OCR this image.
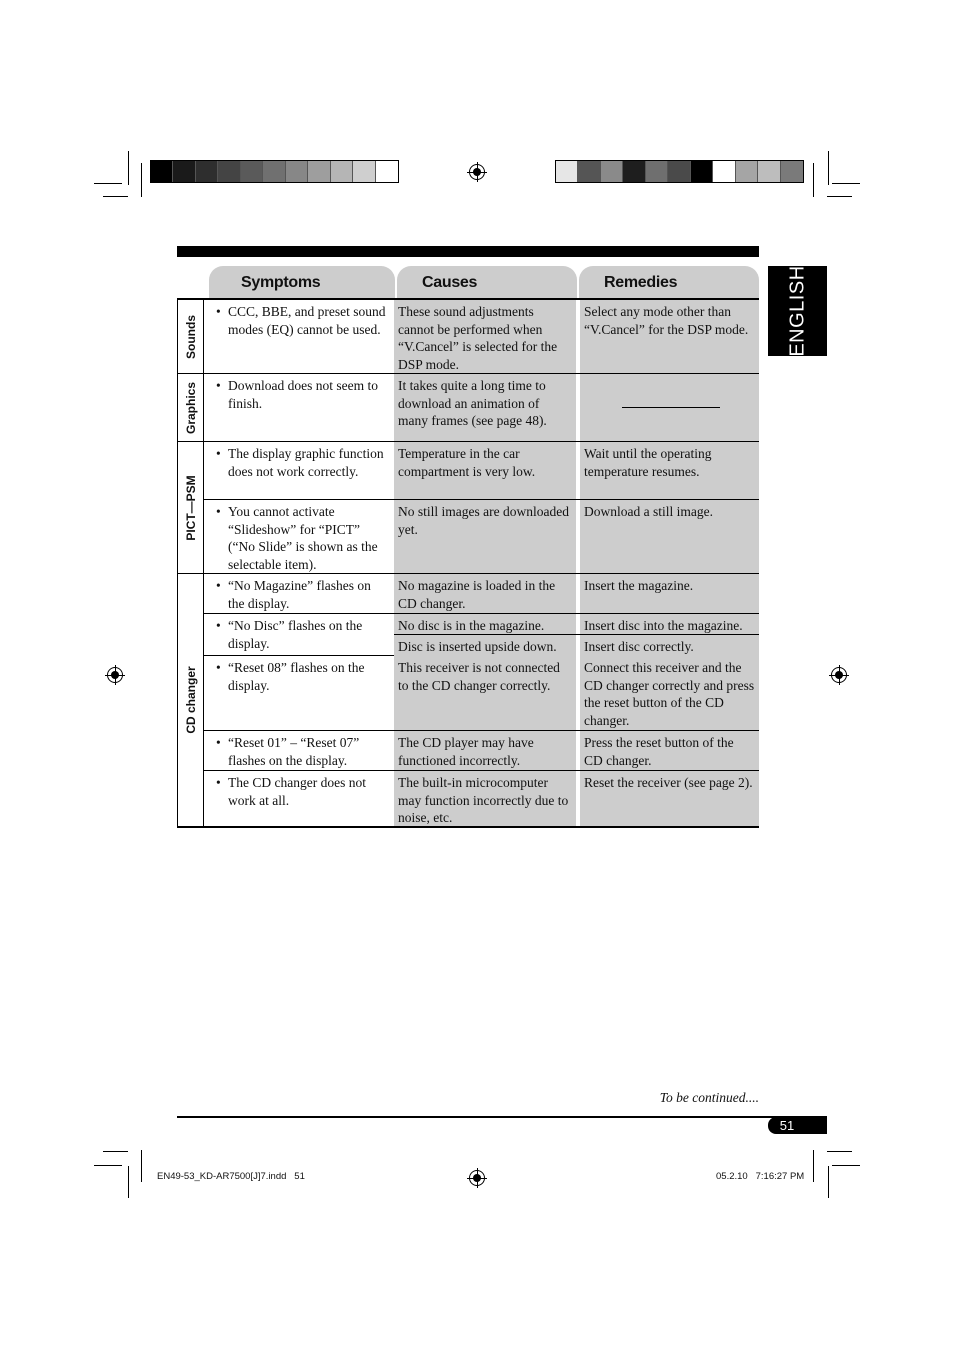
ENGLISH
Symptoms	Causes	Remedies
Sounds
• CCC, BBE, and preset sound modes (EQ) cannot be used.
These sound adjustments cannot be performed when “V.Cancel” is selected for the DSP mode.
Select any mode other than “V.Cancel” for the DSP mode.
Graphics
•	Download does not seem to finish.
It takes quite a long time to download an animation of many frames (see page 48).
PICT—PSM
• The display graphic function does not work correctly.
Temperature in the car compartment is very low.
Wait until the operating temperature resumes.
• You cannot activate “Slideshow” for “PICT” (“No Slide” is shown as the selectable item).
No still images are downloaded yet.
Download a still image.
CD changer
• “No Magazine” flashes on the display.
No magazine is loaded in the CD changer.
Insert the magazine.
• “No Disc” flashes on the display.
No disc is in the magazine.	Insert disc into the magazine.
Disc is inserted upside down.	Insert disc correctly.
• “Reset 08” flashes on the display.
This receiver is not connected to the CD changer correctly.
Connect this receiver and the CD changer correctly and press the reset button of the CD changer.
• “Reset 01” – “Reset 07” flashes on the display.
The CD player may have functioned incorrectly.
Press the reset button of the CD changer.
• The CD changer does not work at all.
The built-in microcomputer may function incorrectly due to noise, etc.
Reset the receiver (see page 2).
To be continued....
51
EN49-53_KD-AR7500[J]7.indd   51	05.2.10   7:16:27 PM
